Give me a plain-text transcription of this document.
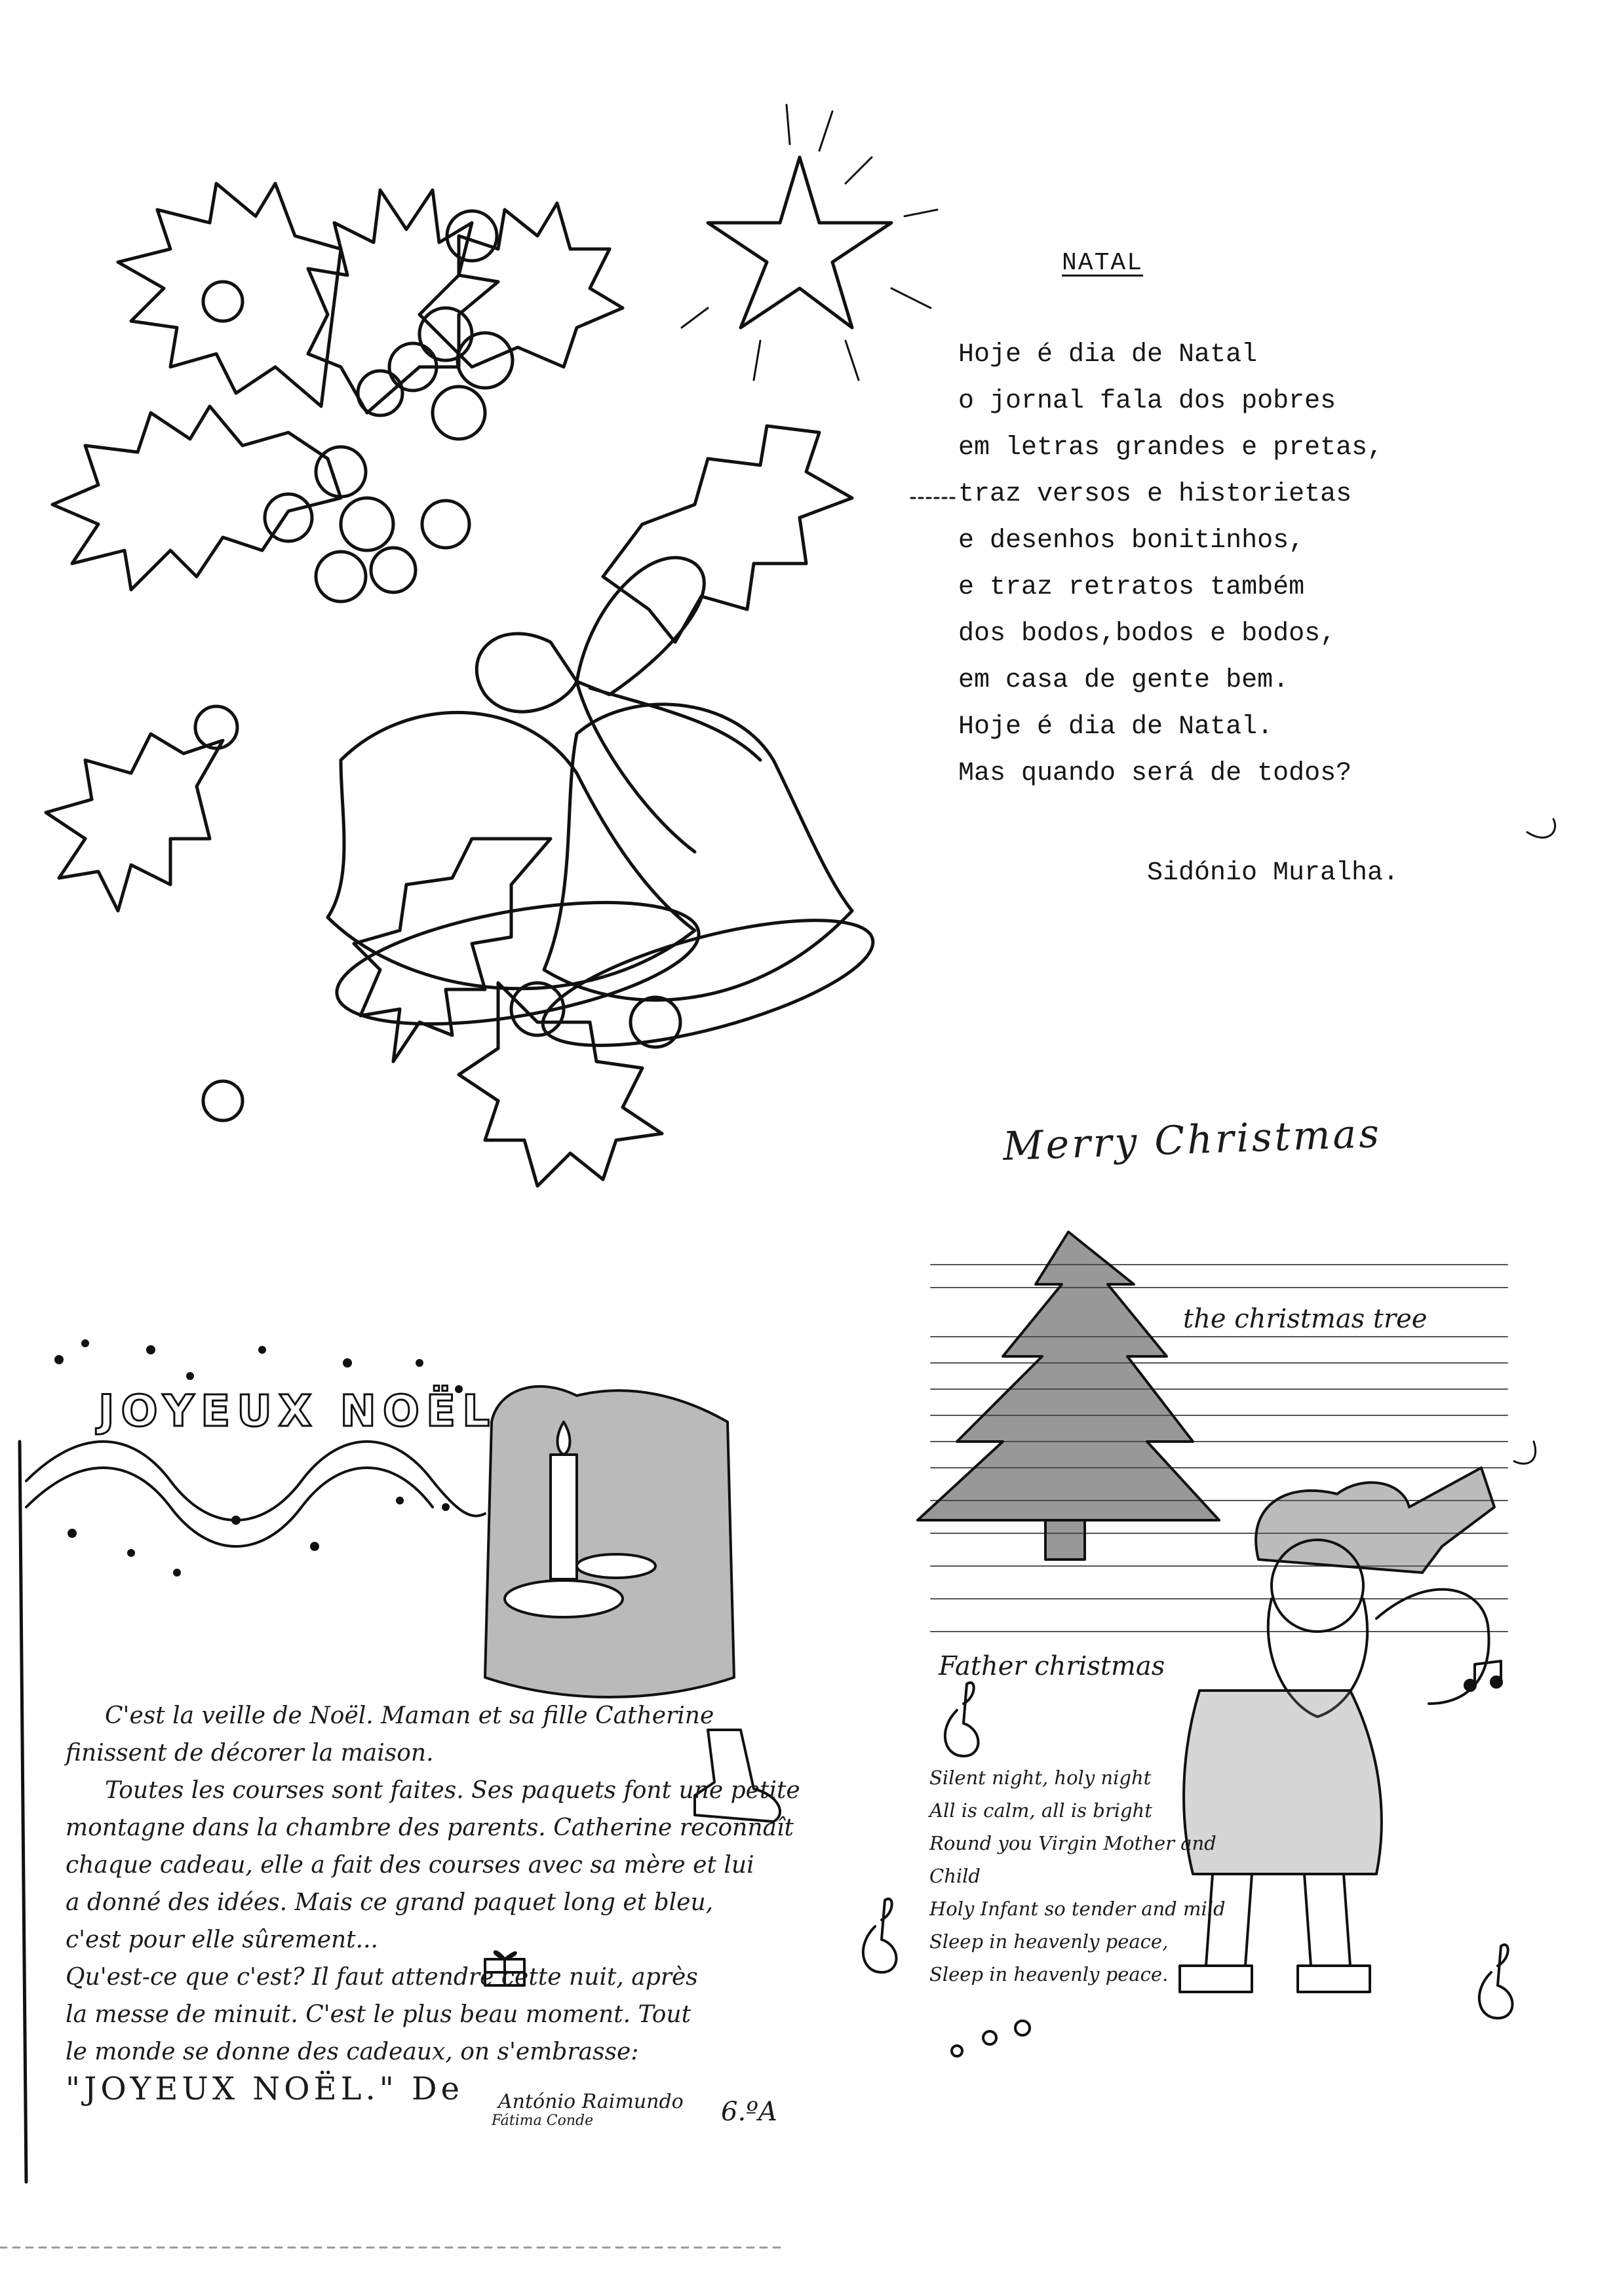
NATAL
Hoje é dia de Natal
o jornal fala dos pobres
em letras grandes e pretas,
traz versos e historietas
e desenhos bonitinhos,
e traz retratos também
dos bodos,bodos e bodos,
em casa de gente bem.
Hoje é dia de Natal.
Mas quando será de todos?
Sidónio Muralha.
Merry Christmas
the christmas tree
Father christmas
Silent night, holy night
All is calm, all is bright
Round you Virgin Mother and
Child
Holy Infant so tender and mild
Sleep in heavenly peace,
Sleep in heavenly peace.
JOYEUX NOËL
C'est la veille de Noël. Maman et sa fille Catherine
finissent de décorer la maison.
Toutes les courses sont faites. Ses paquets font une petite
montagne dans la chambre des parents. Catherine reconnaît
chaque cadeau, elle a fait des courses avec sa mère et lui
a donné des idées. Mais ce grand paquet long et bleu,
c'est pour elle sûrement...
Qu'est-ce que c'est? Il faut attendre cette nuit, après
la messe de minuit. C'est le plus beau moment. Tout
le monde se donne des cadeaux, on s'embrasse:
"JOYEUX NOËL." De	António Raimundo
Fátima Conde	6.ºA
